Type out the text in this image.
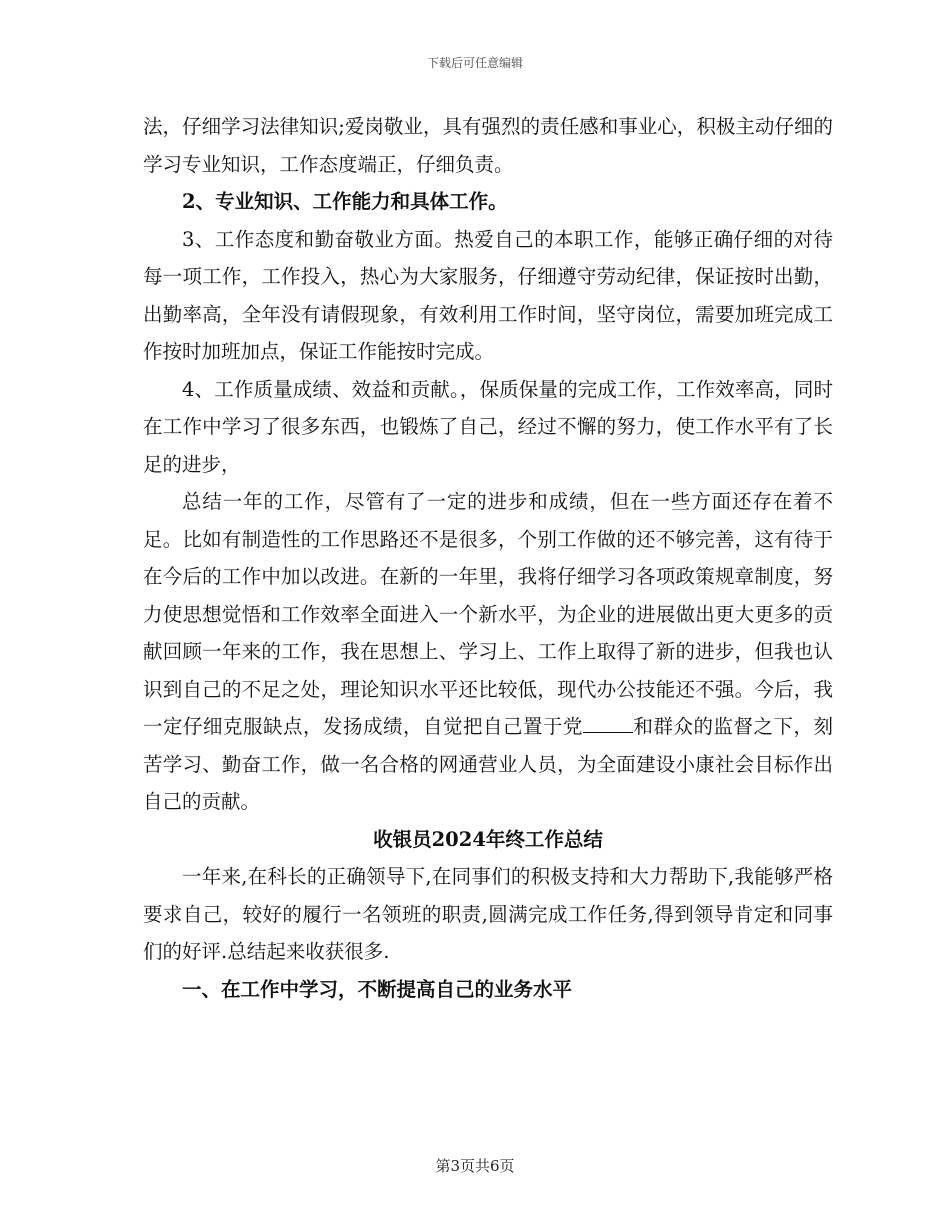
下载后可任意编辑

法，仔细学习法律知识;爱岗敬业，具有强烈的责任感和事业心，积极主动仔细的学习专业知识，工作态度端正，仔细负责。

2、专业知识、工作能力和具体工作。

3、工作态度和勤奋敬业方面。热爱自己的本职工作，能够正确仔细的对待每一项工作，工作投入，热心为大家服务，仔细遵守劳动纪律，保证按时出勤，出勤率高，全年没有请假现象，有效利用工作时间，坚守岗位，需要加班完成工作按时加班加点，保证工作能按时完成。

4、工作质量成绩、效益和贡献。，保质保量的完成工作，工作效率高，同时在工作中学习了很多东西，也锻炼了自己，经过不懈的努力，使工作水平有了长足的进步，

总结一年的工作，尽管有了一定的进步和成绩，但在一些方面还存在着不足。比如有制造性的工作思路还不是很多，个别工作做的还不够完善，这有待于在今后的工作中加以改进。在新的一年里，我将仔细学习各项政策规章制度，努力使思想觉悟和工作效率全面进入一个新水平，为企业的进展做出更大更多的贡献回顾一年来的工作，我在思想上、学习上、工作上取得了新的进步，但我也认识到自己的不足之处，理论知识水平还比较低，现代办公技能还不强。今后，我一定仔细克服缺点，发扬成绩，自觉把自己置于党	和群众的监督之下，刻苦学习、勤奋工作，做一名合格的网通营业人员，为全面建设小康社会目标作出自己的贡献。

收银员2024年终工作总结

一年来,在科长的正确领导下,在同事们的积极支持和大力帮助下,我能够严格要求自己，较好的履行一名领班的职责,圆满完成工作任务,得到领导肯定和同事们的好评.总结起来收获很多.

一、在工作中学习，不断提高自己的业务水平

第3页共6页
